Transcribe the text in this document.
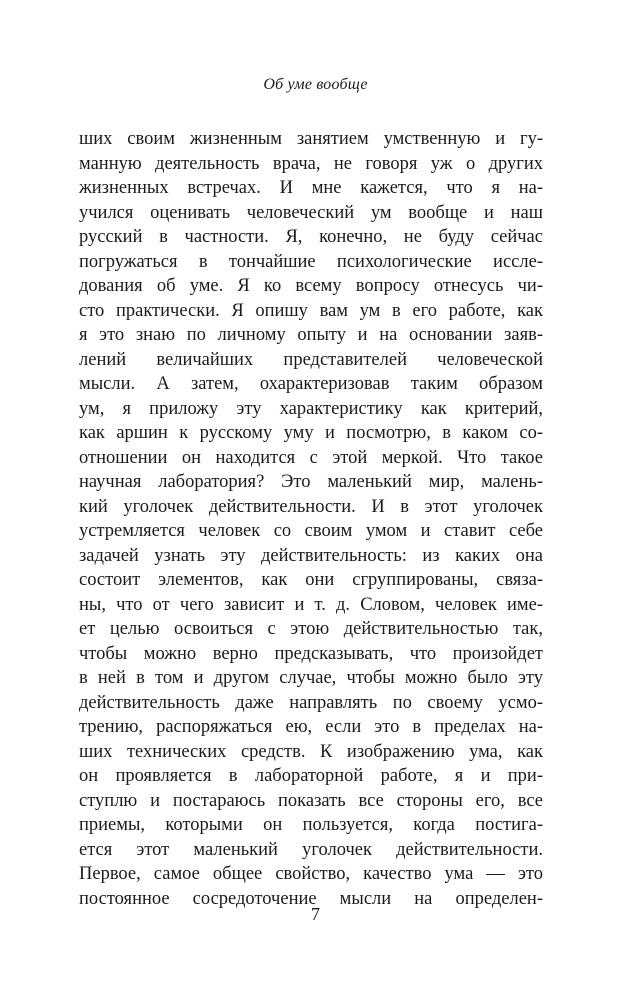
Об уме вообще
ших своим жизненным занятием умственную и гу-
манную деятельность врача, не говоря уж о других
жизненных встречах. И мне кажется, что я на-
учился оценивать человеческий ум вообще и наш
русский в частности. Я, конечно, не буду сейчас
погружаться в тончайшие психологические иссле-
дования об уме. Я ко всему вопросу отнесусь чи-
сто практически. Я опишу вам ум в его работе, как
я это знаю по личному опыту и на основании заяв-
лений величайших представителей человеческой
мысли. А затем, охарактеризовав таким образом
ум, я приложу эту характеристику как критерий,
как аршин к русскому уму и посмотрю, в каком со-
отношении он находится с этой меркой. Что такое
научная лаборатория? Это маленький мир, малень-
кий уголочек действительности. И в этот уголочек
устремляется человек со своим умом и ставит себе
задачей узнать эту действительность: из каких она
состоит элементов, как они сгруппированы, связа-
ны, что от чего зависит и т. д. Словом, человек име-
ет целью освоиться с этою действительностью так,
чтобы можно верно предсказывать, что произойдет
в ней в том и другом случае, чтобы можно было эту
действительность даже направлять по своему усмо-
трению, распоряжаться ею, если это в пределах на-
ших технических средств. К изображению ума, как
он проявляется в лабораторной работе, я и при-
ступлю и постараюсь показать все стороны его, все
приемы, которыми он пользуется, когда постига-
ется этот маленький уголочек действительности.
Первое, самое общее свойство, качество ума — это
постоянное сосредоточение мысли на определен-
7
